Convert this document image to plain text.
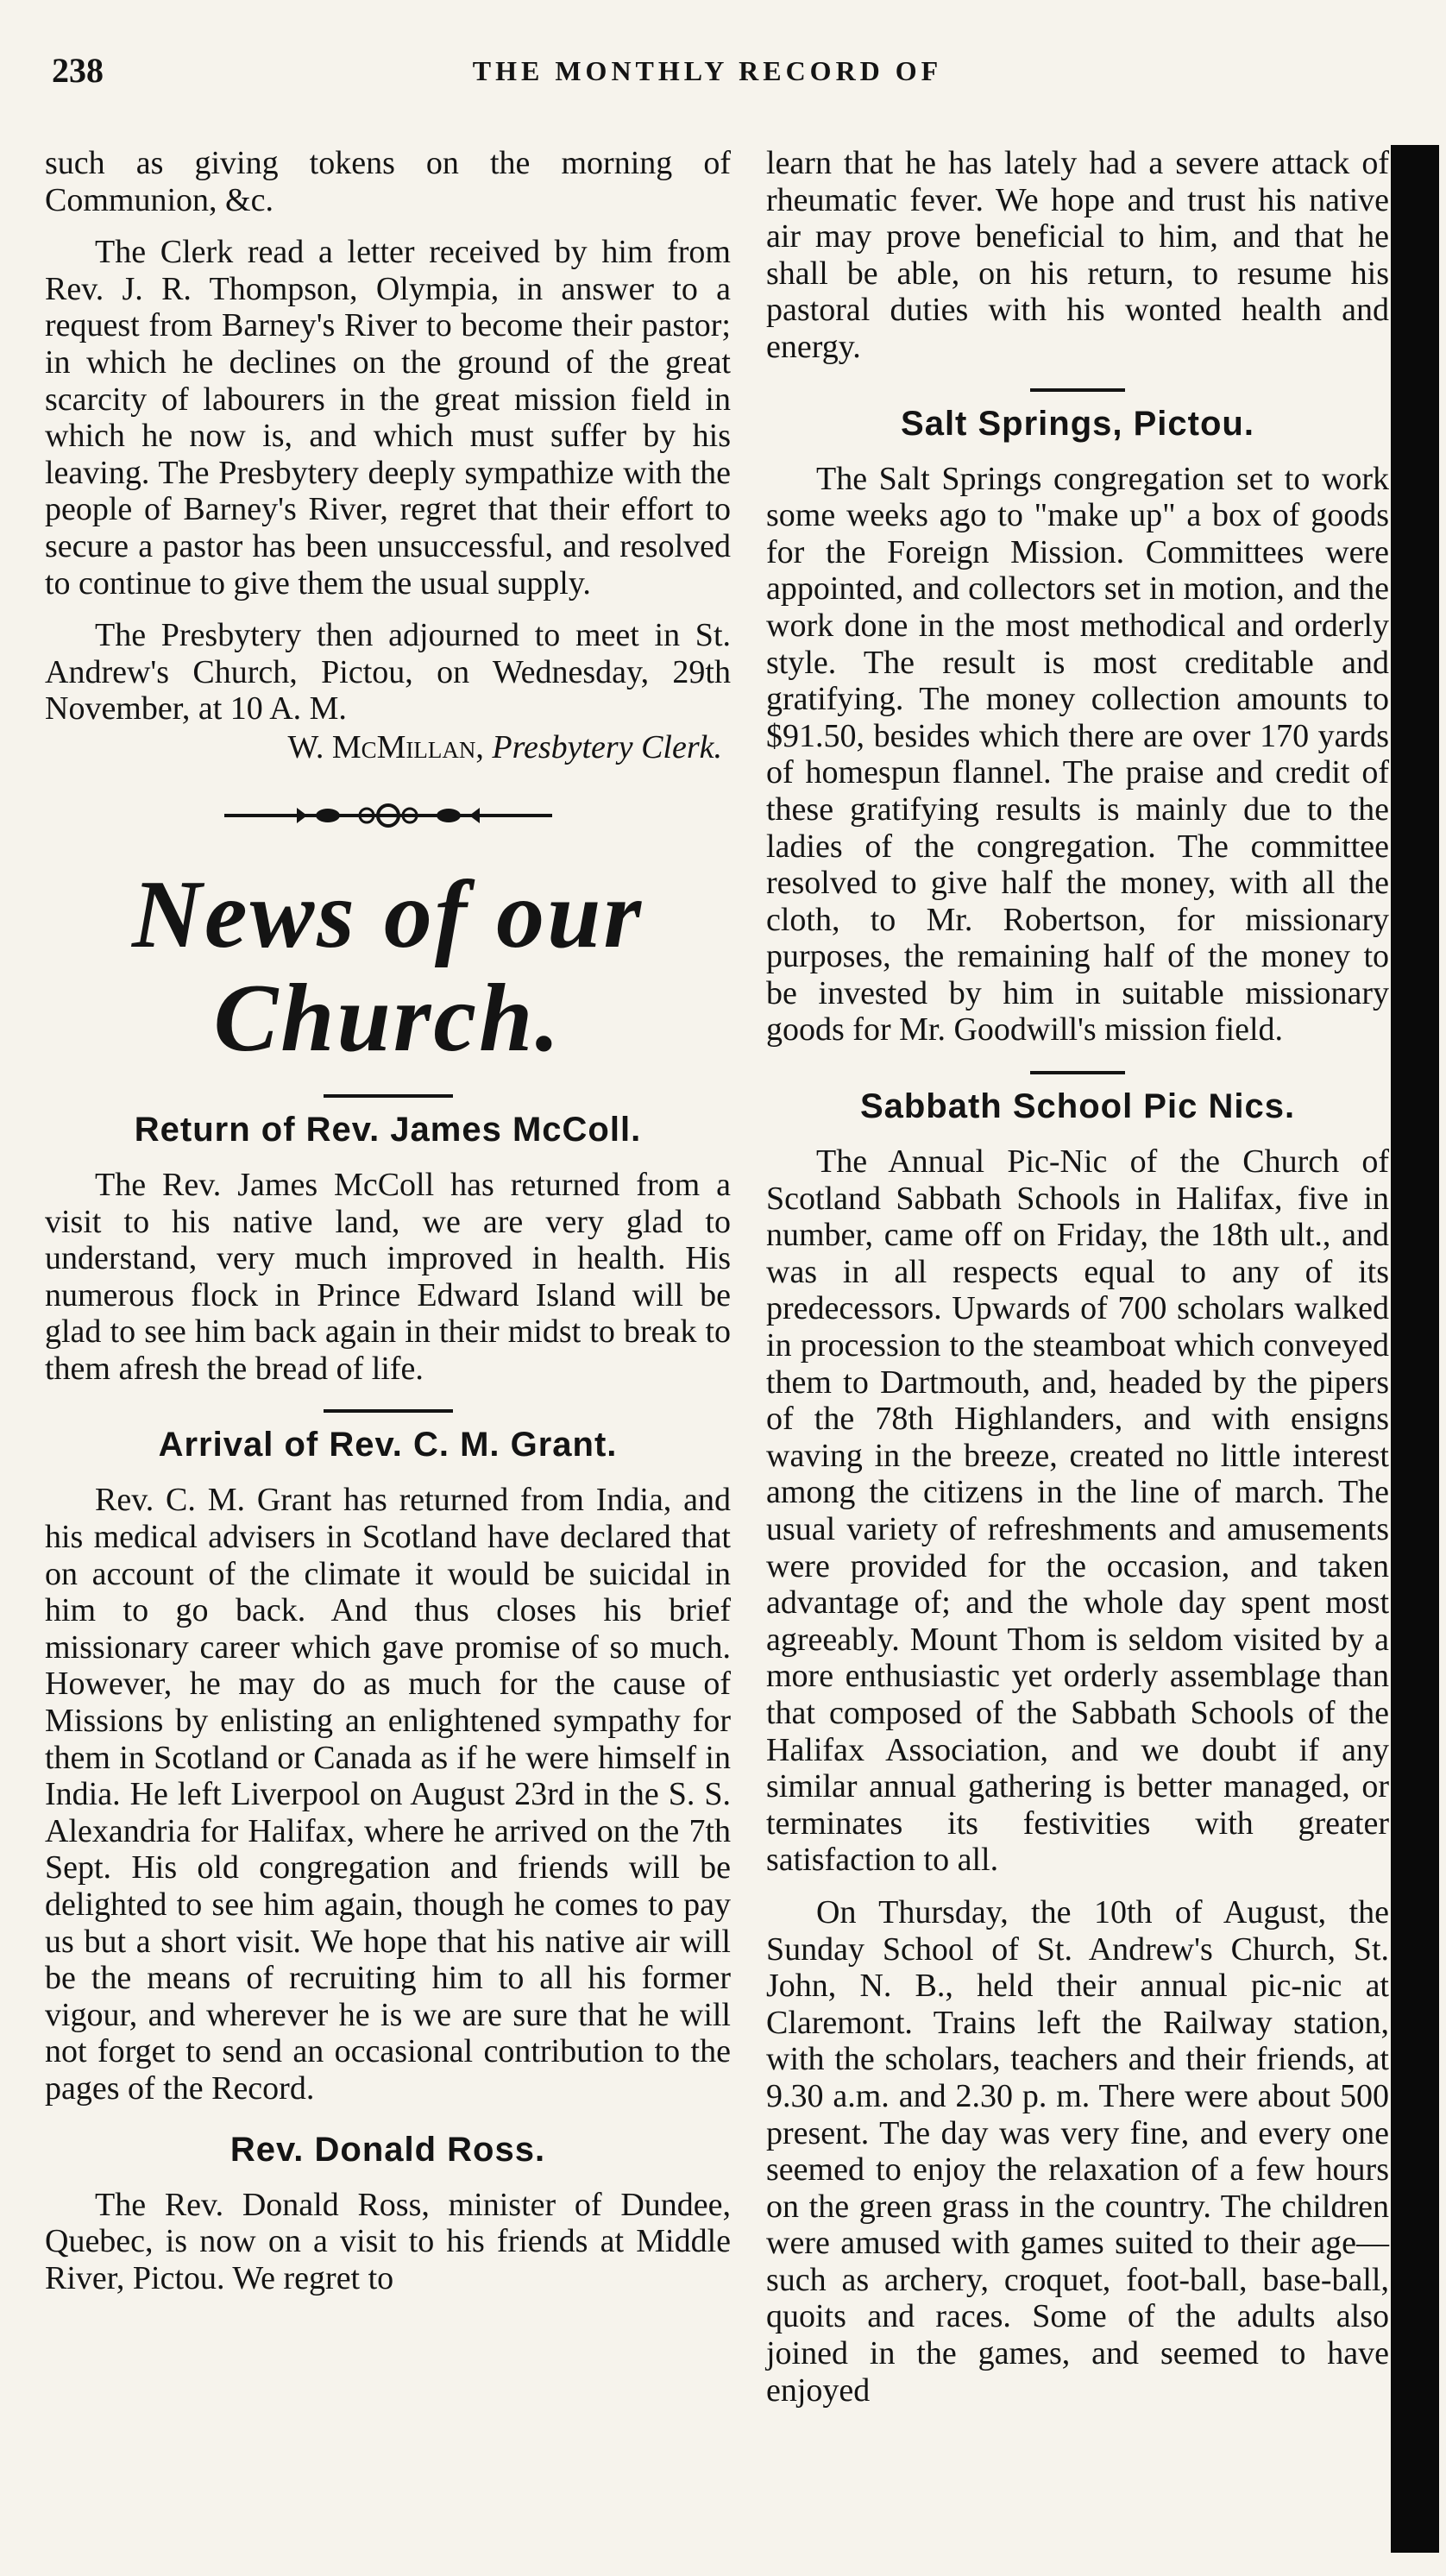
238	THE MONTHLY RECORD OF

such as giving tokens on the morning of Communion, &c.

The Clerk read a letter received by him from Rev. J. R. Thompson, Olympia, in answer to a request from Barney's River to become their pastor; in which he declines on the ground of the great scarcity of labourers in the great mission field in which he now is, and which must suffer by his leaving. The Presbytery deeply sympathize with the people of Barney's River, regret that their effort to secure a pastor has been unsuccessful, and resolved to continue to give them the usual supply.

The Presbytery then adjourned to meet in St. Andrew's Church, Pictou, on Wednesday, 29th November, at 10 A. M.

W. McMillan, Presbytery Clerk.
News of our Church.
Return of Rev. James McColl.

The Rev. James McColl has returned from a visit to his native land, we are very glad to understand, very much improved in health. His numerous flock in Prince Edward Island will be glad to see him back again in their midst to break to them afresh the bread of life.

Arrival of Rev. C. M. Grant.

Rev. C. M. Grant has returned from India, and his medical advisers in Scotland have declared that on account of the climate it would be suicidal in him to go back. And thus closes his brief missionary career which gave promise of so much. However, he may do as much for the cause of Missions by enlisting an enlightened sympathy for them in Scotland or Canada as if he were himself in India. He left Liverpool on August 23rd in the S. S. Alexandria for Halifax, where he arrived on the 7th Sept. His old congregation and friends will be delighted to see him again, though he comes to pay us but a short visit. We hope that his native air will be the means of recruiting him to all his former vigour, and wherever he is we are sure that he will not forget to send an occasional contribution to the pages of the Record.

Rev. Donald Ross.

The Rev. Donald Ross, minister of Dundee, Quebec, is now on a visit to his friends at Middle River, Pictou. We regret to

learn that he has lately had a severe attack of rheumatic fever. We hope and trust his native air may prove beneficial to him, and that he shall be able, on his return, to resume his pastoral duties with his wonted health and energy.

Salt Springs, Pictou.

The Salt Springs congregation set to work some weeks ago to "make up" a box of goods for the Foreign Mission. Committees were appointed, and collectors set in motion, and the work done in the most methodical and orderly style. The result is most creditable and gratifying. The money collection amounts to $91.50, besides which there are over 170 yards of homespun flannel. The praise and credit of these gratifying results is mainly due to the ladies of the congregation. The committee resolved to give half the money, with all the cloth, to Mr. Robertson, for missionary purposes, the remaining half of the money to be invested by him in suitable missionary goods for Mr. Goodwill's mission field.

Sabbath School Pic Nics.

The Annual Pic-Nic of the Church of Scotland Sabbath Schools in Halifax, five in number, came off on Friday, the 18th ult., and was in all respects equal to any of its predecessors. Upwards of 700 scholars walked in procession to the steamboat which conveyed them to Dartmouth, and, headed by the pipers of the 78th Highlanders, and with ensigns waving in the breeze, created no little interest among the citizens in the line of march. The usual variety of refreshments and amusements were provided for the occasion, and taken advantage of; and the whole day spent most agreeably. Mount Thom is seldom visited by a more enthusiastic yet orderly assemblage than that composed of the Sabbath Schools of the Halifax Association, and we doubt if any similar annual gathering is better managed, or terminates its festivities with greater satisfaction to all.

On Thursday, the 10th of August, the Sunday School of St. Andrew's Church, St. John, N. B., held their annual pic-nic at Claremont. Trains left the Railway station, with the scholars, teachers and their friends, at 9.30 a.m. and 2.30 p. m. There were about 500 present. The day was very fine, and every one seemed to enjoy the relaxation of a few hours on the green grass in the country. The children were amused with games suited to their age—such as archery, croquet, foot-ball, base-ball, quoits and races. Some of the adults also joined in the games, and seemed to have enjoyed
